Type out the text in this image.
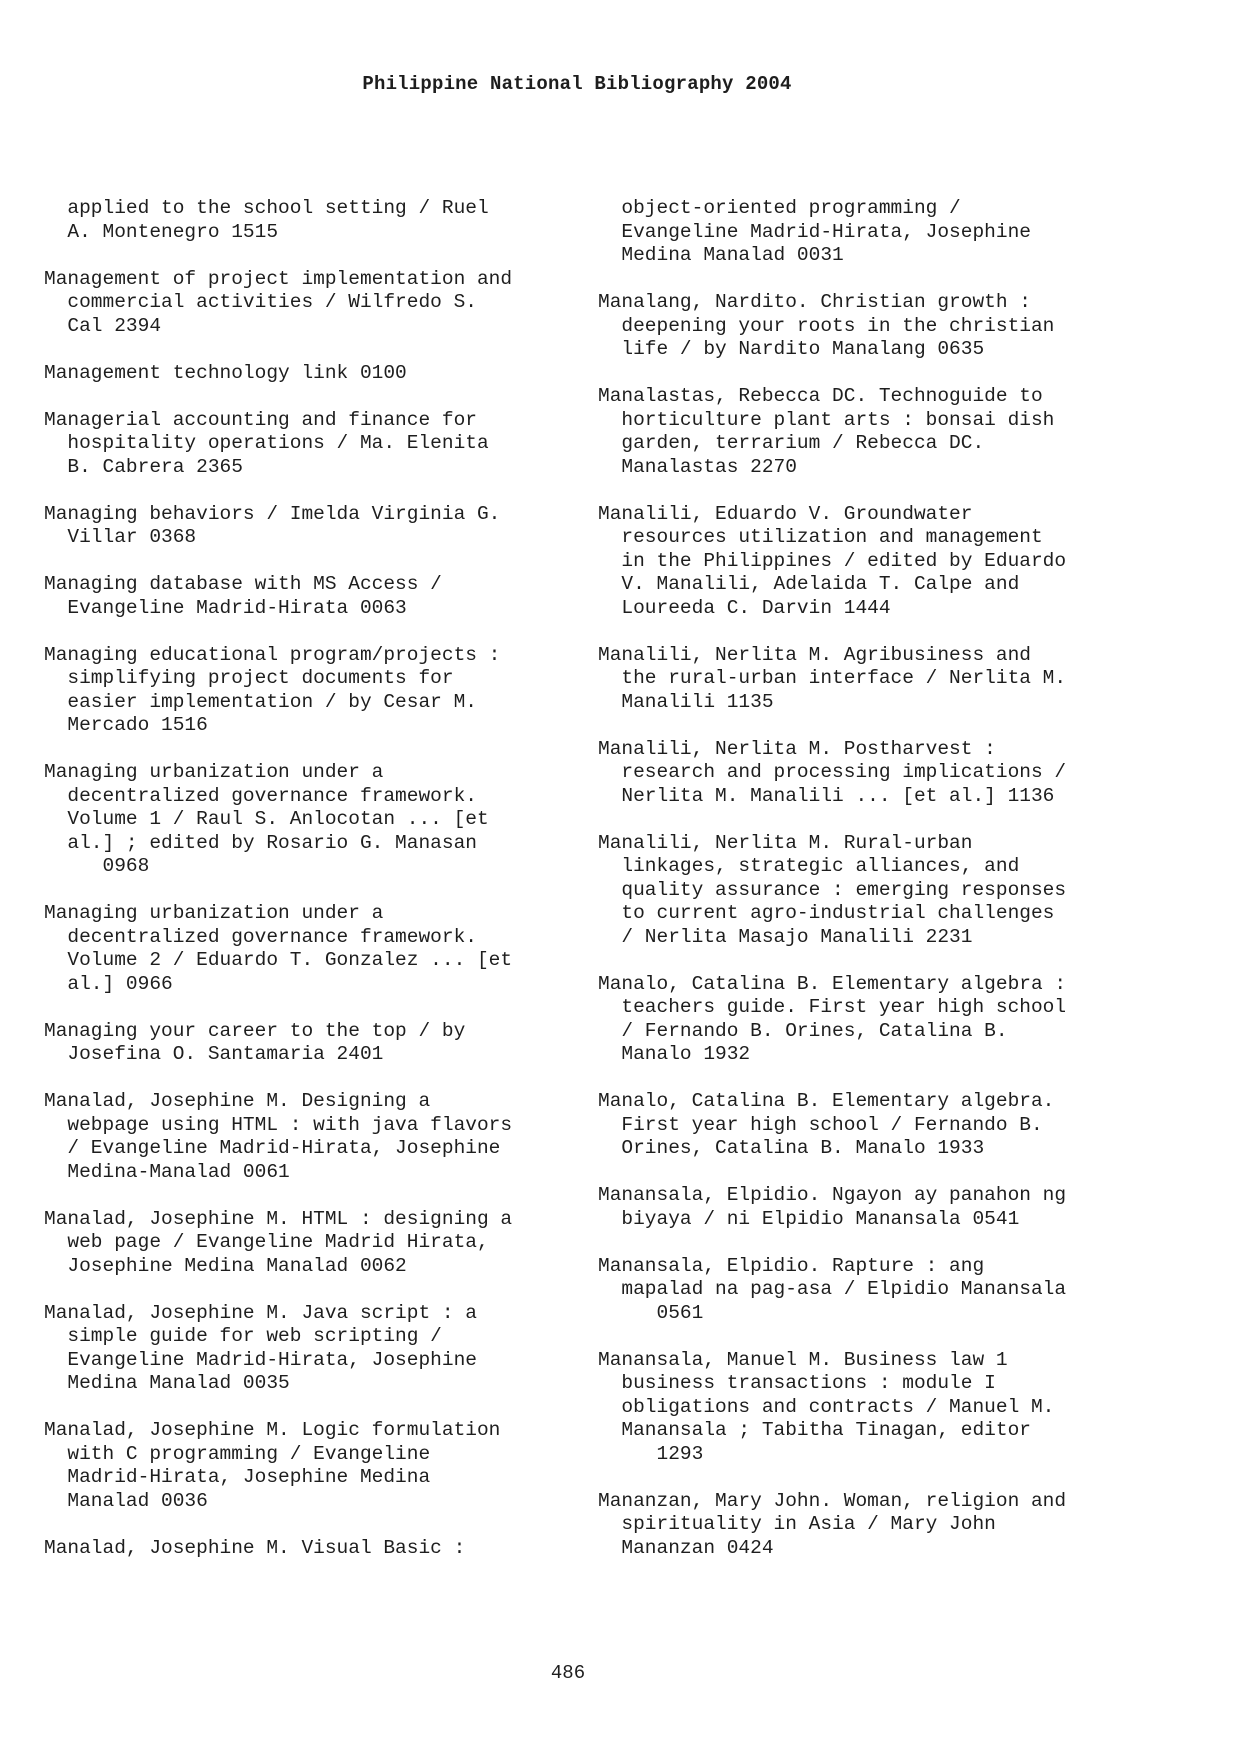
Philippine National Bibliography 2004
applied to the school setting / Ruel
A. Montenegro 1515
Management of project implementation and
commercial activities / Wilfredo S.
Cal 2394
Management technology link 0100
Managerial accounting and finance for
hospitality operations / Ma. Elenita
B. Cabrera 2365
Managing behaviors / Imelda Virginia G.
Villar 0368
Managing database with MS Access /
Evangeline Madrid-Hirata 0063
Managing educational program/projects :
simplifying project documents for
easier implementation / by Cesar M.
Mercado 1516
Managing urbanization under a
decentralized governance framework.
Volume 1 / Raul S. Anlocotan ... [et
al.] ; edited by Rosario G. Manasan
0968
Managing urbanization under a
decentralized governance framework.
Volume 2 / Eduardo T. Gonzalez ... [et
al.] 0966
Managing your career to the top / by
Josefina O. Santamaria 2401
Manalad, Josephine M. Designing a
webpage using HTML : with java flavors
/ Evangeline Madrid-Hirata, Josephine
Medina-Manalad 0061
Manalad, Josephine M. HTML : designing a
web page / Evangeline Madrid Hirata,
Josephine Medina Manalad 0062
Manalad, Josephine M. Java script : a
simple guide for web scripting /
Evangeline Madrid-Hirata, Josephine
Medina Manalad 0035
Manalad, Josephine M. Logic formulation
with C programming / Evangeline
Madrid-Hirata, Josephine Medina
Manalad 0036
Manalad, Josephine M. Visual Basic :
object-oriented programming /
Evangeline Madrid-Hirata, Josephine
Medina Manalad 0031
Manalang, Nardito. Christian growth :
deepening your roots in the christian
life / by Nardito Manalang 0635
Manalastas, Rebecca DC. Technoguide to
horticulture plant arts : bonsai dish
garden, terrarium / Rebecca DC.
Manalastas 2270
Manalili, Eduardo V. Groundwater
resources utilization and management
in the Philippines / edited by Eduardo
V. Manalili, Adelaida T. Calpe and
Loureeda C. Darvin 1444
Manalili, Nerlita M. Agribusiness and
the rural-urban interface / Nerlita M.
Manalili 1135
Manalili, Nerlita M. Postharvest :
research and processing implications /
Nerlita M. Manalili ... [et al.] 1136
Manalili, Nerlita M. Rural-urban
linkages, strategic alliances, and
quality assurance : emerging responses
to current agro-industrial challenges
/ Nerlita Masajo Manalili 2231
Manalo, Catalina B. Elementary algebra :
teachers guide. First year high school
/ Fernando B. Orines, Catalina B.
Manalo 1932
Manalo, Catalina B. Elementary algebra.
First year high school / Fernando B.
Orines, Catalina B. Manalo 1933
Manansala, Elpidio. Ngayon ay panahon ng
biyaya / ni Elpidio Manansala 0541
Manansala, Elpidio. Rapture : ang
mapalad na pag-asa / Elpidio Manansala
0561
Manansala, Manuel M. Business law 1
business transactions : module I
obligations and contracts / Manuel M.
Manansala ; Tabitha Tinagan, editor
1293
Mananzan, Mary John. Woman, religion and
spirituality in Asia / Mary John
Mananzan 0424
486
